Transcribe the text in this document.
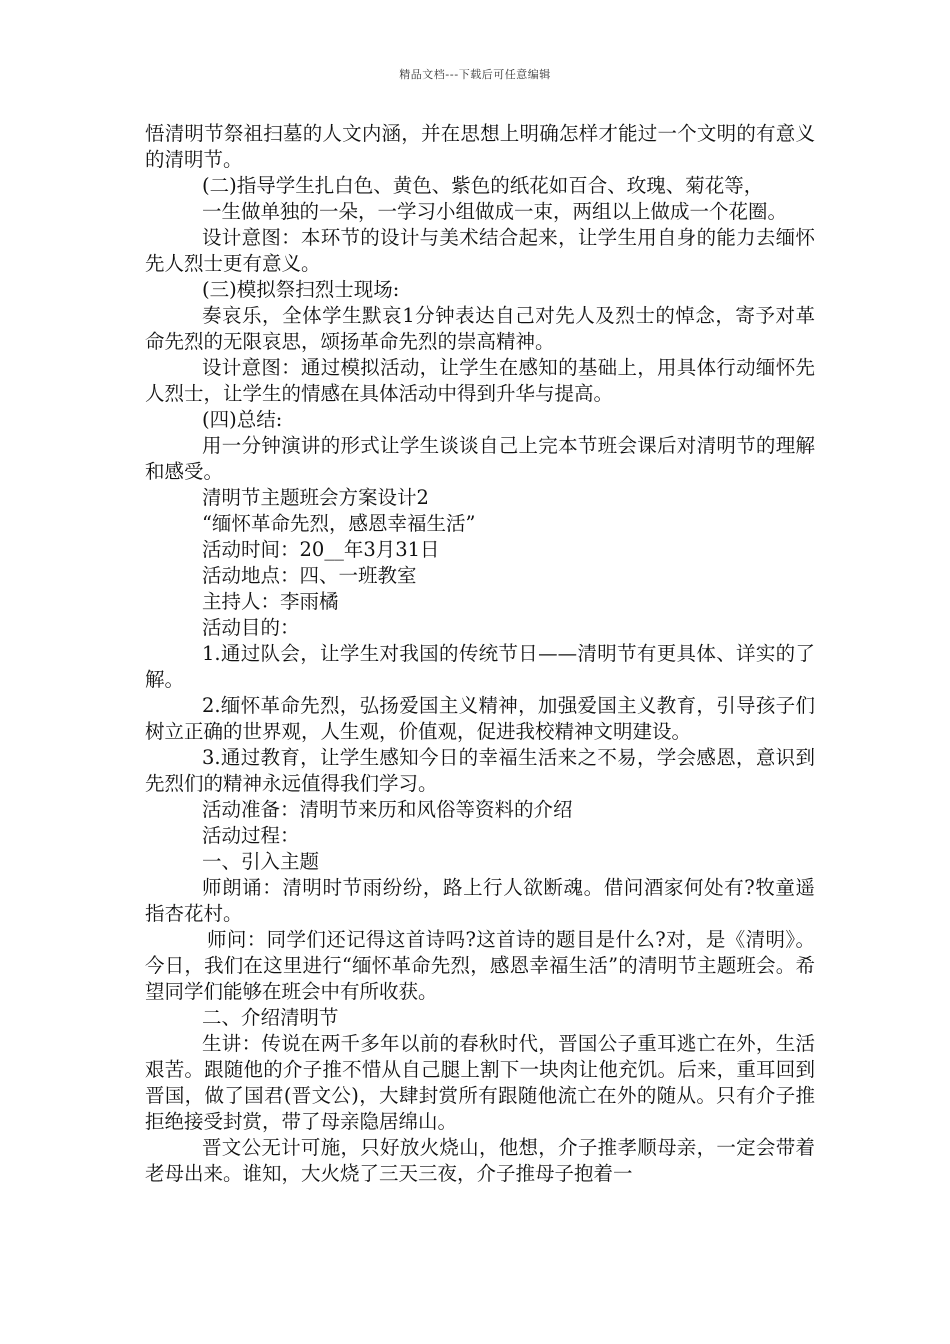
精品文档---下载后可任意编辑

悟清明节祭祖扫墓的人文内涵，并在思想上明确怎样才能过一个文明的有意义的清明节。

(二)指导学生扎白色、黄色、紫色的纸花如百合、玫瑰、菊花等，

一生做单独的一朵，一学习小组做成一束，两组以上做成一个花圈。

设计意图：本环节的设计与美术结合起来，让学生用自身的能力去缅怀先人烈士更有意义。

(三)模拟祭扫烈士现场:

奏哀乐，全体学生默哀1分钟表达自己对先人及烈士的悼念，寄予对革命先烈的无限哀思，颂扬革命先烈的崇高精神。

设计意图：通过模拟活动，让学生在感知的基础上，用具体行动缅怀先人烈士，让学生的情感在具体活动中得到升华与提高。

(四)总结:

用一分钟演讲的形式让学生谈谈自己上完本节班会课后对清明节的理解和感受。

清明节主题班会方案设计2

“缅怀革命先烈，感恩幸福生活”

活动时间：20__年3月31日

活动地点：四、一班教室

主持人：李雨橘

活动目的：

1.通过队会，让学生对我国的传统节日——清明节有更具体、详实的了解。

2.缅怀革命先烈，弘扬爱国主义精神，加强爱国主义教育，引导孩子们树立正确的世界观，人生观，价值观，促进我校精神文明建设。

3.通过教育，让学生感知今日的幸福生活来之不易，学会感恩，意识到先烈们的精神永远值得我们学习。

活动准备：清明节来历和风俗等资料的介绍

活动过程：

一、引入主题

师朗诵：清明时节雨纷纷，路上行人欲断魂。借问酒家何处有?牧童遥指杏花村。

师问：同学们还记得这首诗吗?这首诗的题目是什么?对，是《清明》。今日，我们在这里进行“缅怀革命先烈，感恩幸福生活”的清明节主题班会。希望同学们能够在班会中有所收获。

二、介绍清明节

生讲：传说在两千多年以前的春秋时代，晋国公子重耳逃亡在外，生活艰苦。跟随他的介子推不惜从自己腿上割下一块肉让他充饥。后来，重耳回到晋国，做了国君(晋文公)，大肆封赏所有跟随他流亡在外的随从。只有介子推拒绝接受封赏，带了母亲隐居绵山。

晋文公无计可施，只好放火烧山，他想，介子推孝顺母亲，一定会带着老母出来。谁知，大火烧了三天三夜，介子推母子抱着一
